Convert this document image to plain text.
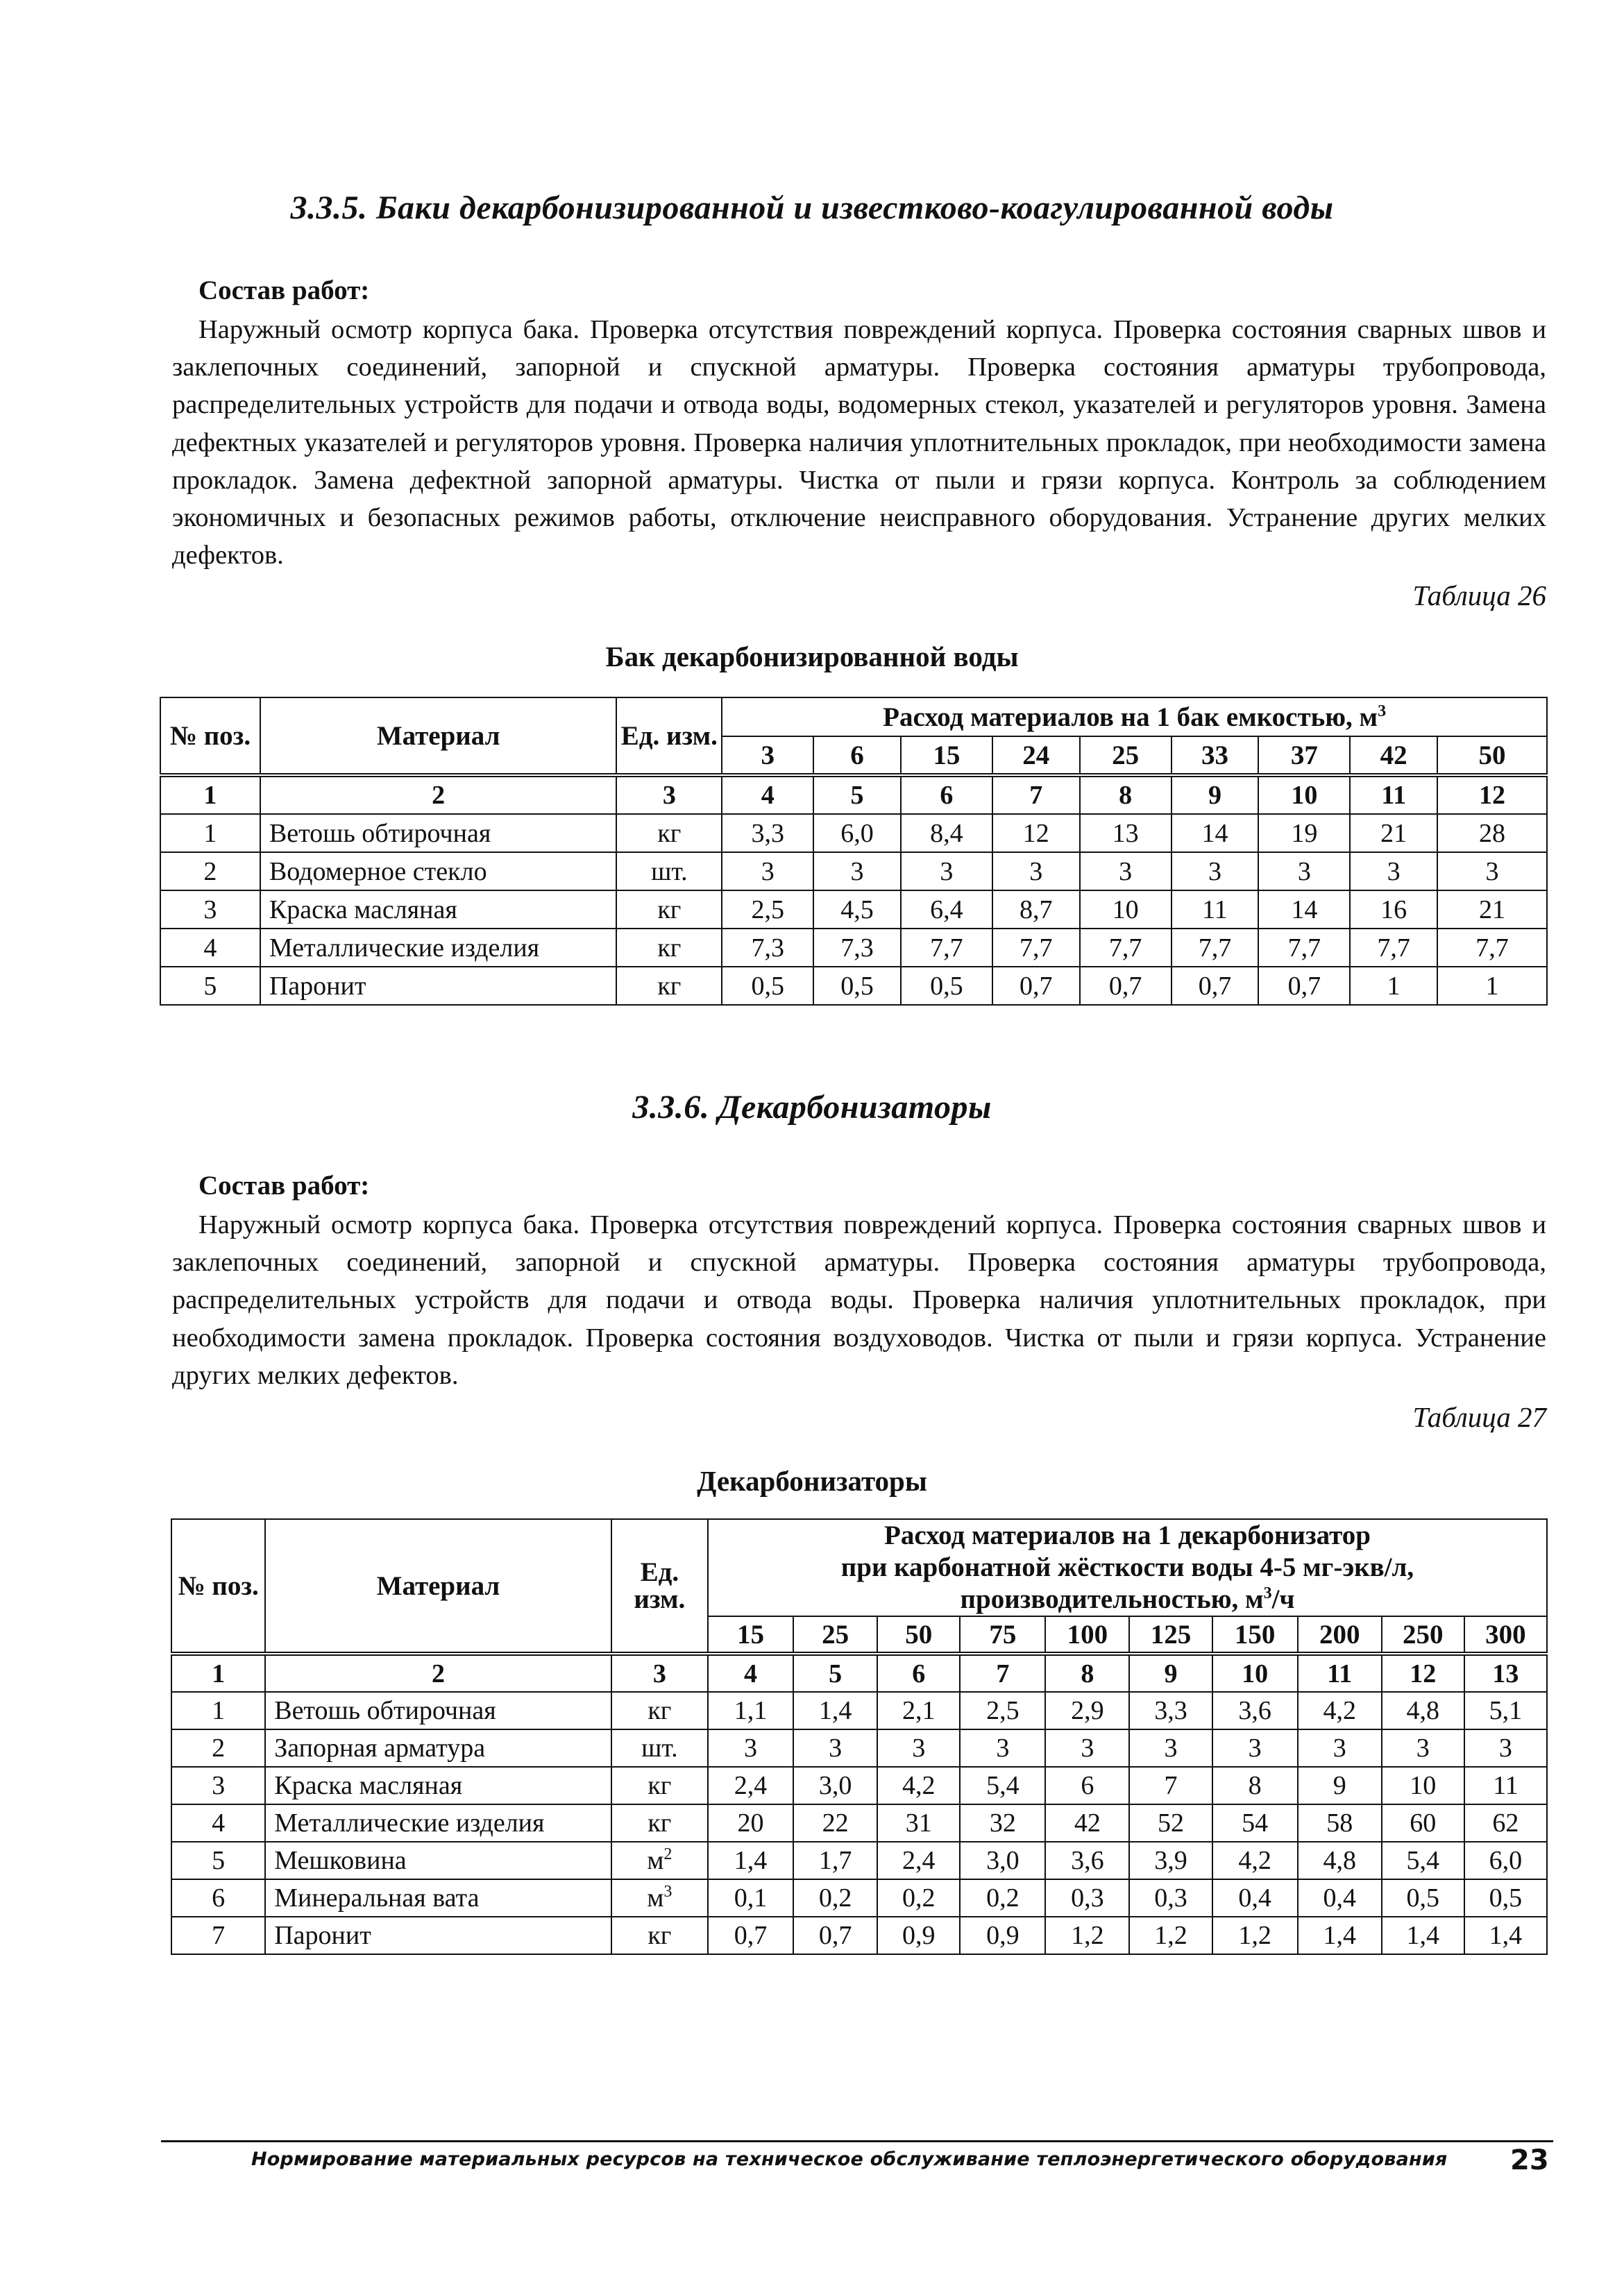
3.3.5. Баки декарбонизированной и известково-коагулированной воды
Состав работ:

Наружный осмотр корпуса бака. Проверка отсутствия повреждений корпуса. Проверка состояния сварных швов и заклепочных соединений, запорной и спускной арматуры. Проверка состояния арматуры трубопровода, распределительных устройств для подачи и отвода воды, водомерных стекол, указателей и регуляторов уровня. Замена дефектных указателей и регуляторов уровня. Проверка наличия уплотнительных прокладок, при необходимости замена прокладок. Замена дефектной запорной арматуры. Чистка от пыли и грязи корпуса. Контроль за соблюдением экономичных и безопасных режимов работы, отключение неисправного оборудования. Устранение других мелких дефектов.

Таблица 26
Бак декарбонизированной воды
№ поз.	Материал	Ед. изм.	Расход материалов на 1 бак емкостью, $м^3$
			3	6	15	24	25	33	37	42	50
1	2	3	4	5	6	7	8	9	10	11	12
1	Ветошь обтирочная	кг	3,3	6,0	8,4	12	13	14	19	21	28
2	Водомерное стекло	шт.	3	3	3	3	3	3	3	3	3
3	Краска масляная	кг	2,5	4,5	6,4	8,7	10	11	14	16	21
4	Металлические изделия	кг	7,3	7,3	7,7	7,7	7,7	7,7	7,7	7,7	7,7
5	Паронит	кг	0,5	0,5	0,5	0,7	0,7	0,7	0,7	1	1
3.3.6. Декарбонизаторы
Состав работ:

Наружный осмотр корпуса бака. Проверка отсутствия повреждений корпуса. Проверка состояния сварных швов и заклепочных соединений, запорной и спускной арматуры. Проверка состояния арматуры трубопровода, распределительных устройств для подачи и отвода воды. Проверка наличия уплотнительных прокладок, при необходимости замена прокладок. Проверка состояния воздуховодов. Чистка от пыли и грязи корпуса. Устранение других мелких дефектов.

Таблица 27
Декарбонизаторы
№ поз.	Материал	Ед. изм.	Расход материалов на 1 декарбонизатор
при карбонатной жёсткости воды 4-5 мг-экв/л,
производительностью, $м^3/ч$									

			15	25	50	75	100	125	150	200	250	300
1	2	3	4	5	6	7	8	9	10	11	12	13
1	Ветошь обтирочная	кг	1,1	1,4	2,1	2,5	2,9	3,3	3,6	4,2	4,8	5,1
2	Запорная арматура	шт.	3	3	3	3	3	3	3	3	3	3
3	Краска масляная	кг	2,4	3,0	4,2	5,4	6	7	8	9	10	11
4	Металлические изделия	кг	20	22	31	32	42	52	54	58	60	62
5	Мешковина	$м^2$	1,4	1,7	2,4	3,0	3,6	3,9	4,2	4,8	5,4	6,0
6	Минеральная вата	$м^3$	0,1	0,2	0,2	0,2	0,3	0,3	0,4	0,4	0,5	0,5
7	Паронит	кг	0,7	0,7	0,9	0,9	1,2	1,2	1,2	1,4	1,4	1,4
Нормирование материальных ресурсов на техническое обслуживание теплоэнергетического оборудования 23
